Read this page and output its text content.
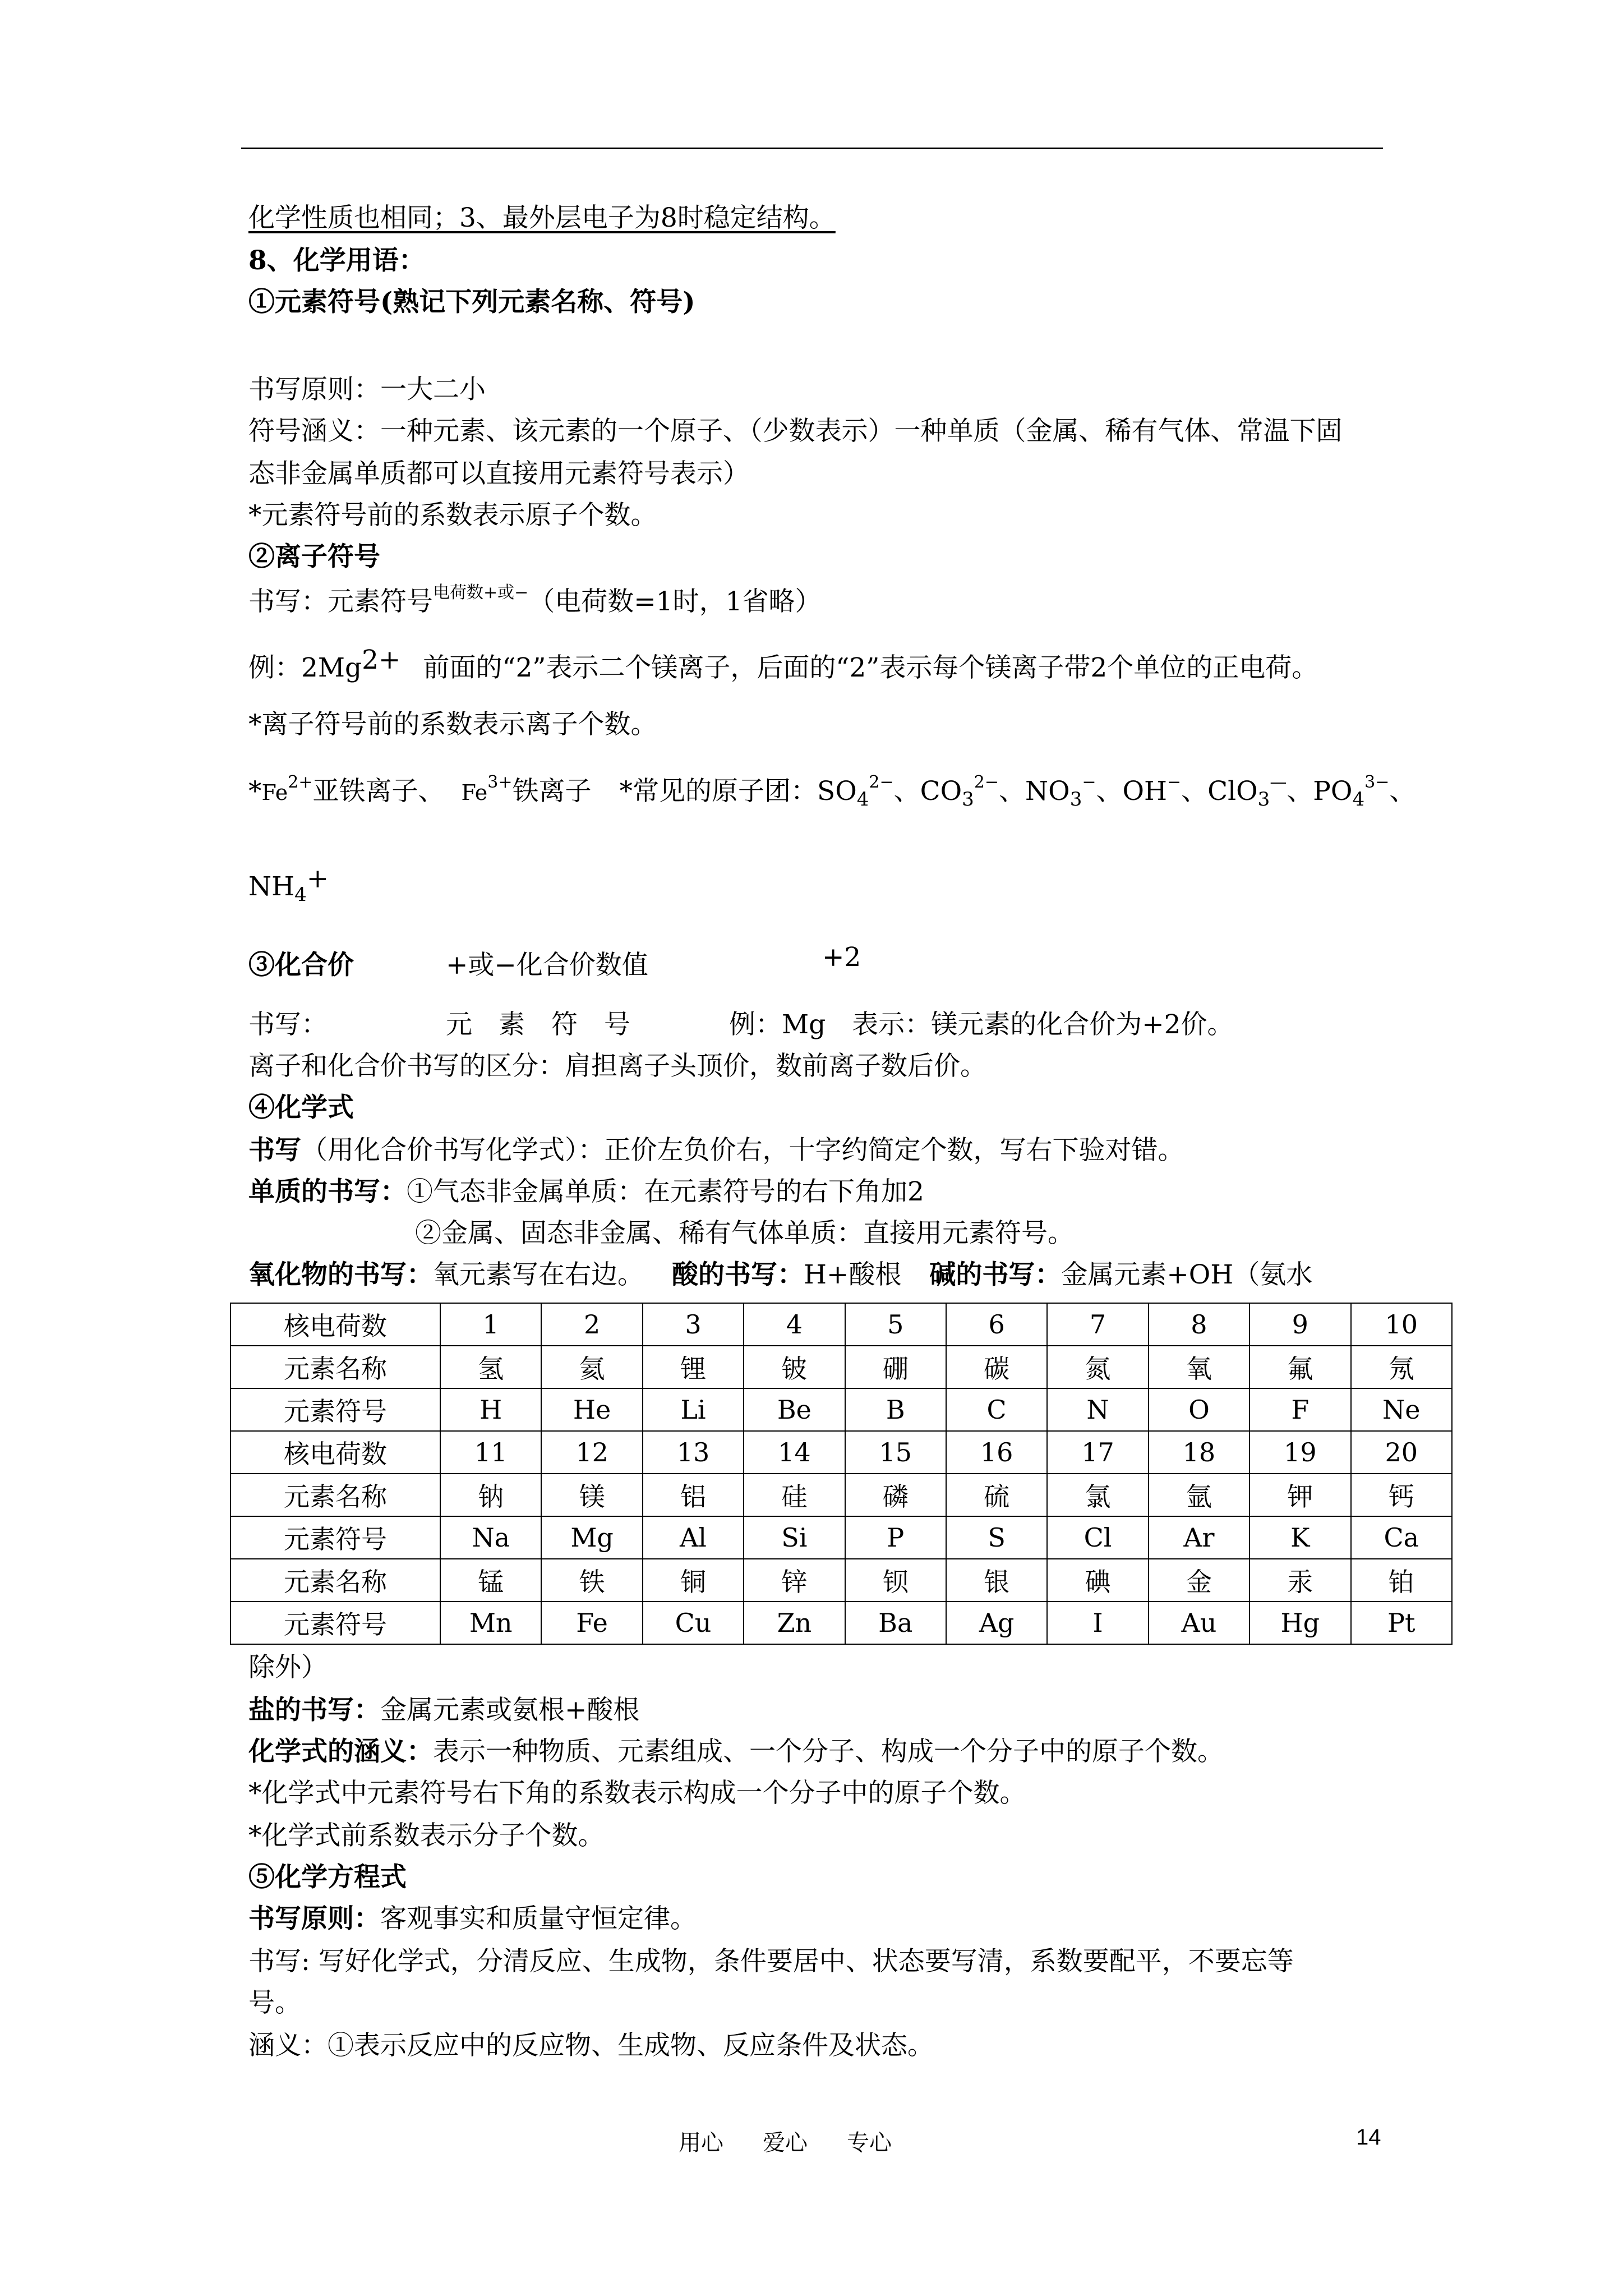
化学性质也相同；3、最外层电子为8时稳定结构。
8、化学用语：
①元素符号(熟记下列元素名称、符号)
书写原则：一大二小
符号涵义：一种元素、该元素的一个原子、（少数表示）一种单质（金属、稀有气体、常温下固
态非金属单质都可以直接用元素符号表示）
*元素符号前的系数表示原子个数。
②离子符号
书写：元素符号$^{电荷数+或-}$（电荷数=1时，1省略）
例：2Mg2+ 前面的“2”表示二个镁离子，后面的“2”表示每个镁离子带2个单位的正电荷。
*离子符号前的系数表示离子个数。
$*Fe^{2+}$亚铁离子、 $Fe^{3+}$铁离子 *常见的原子团：$SO_4^{2-}$、$CO_3^{2-}$、$NO_3^-$、OH−、ClO$_3$—、$PO_4^{3-}$、
$NH_4+$
③化合价	+或−化合价数值	+2
书写：	元　素　符　号	例：Mg　表示：镁元素的化合价为+2价。
离子和化合价书写的区分：肩担离子头顶价，数前离子数后价。
④化学式
书写（用化合价书写化学式）：正价左负价右，十字约简定个数，写右下验对错。
单质的书写：①气态非金属单质：在元素符号的右下角加2
②金属、固态非金属、稀有气体单质：直接用元素符号。
氧化物的书写：氧元素写在右边。 酸的书写：H+酸根 碱的书写：金属元素+OH（氨水
核电荷数	1	2	3	4	5	6	7	8	9	10
元素名称	氢	氦	锂	铍	硼	碳	氮	氧	氟	氖
元素符号	H	He	Li	Be	B	C	N	O	F	Ne
核电荷数	11	12	13	14	15	16	17	18	19	20
元素名称	钠	镁	铝	硅	磷	硫	氯	氩	钾	钙
元素符号	Na	Mg	Al	Si	P	S	Cl	Ar	K	Ca
元素名称	锰	铁	铜	锌	钡	银	碘	金	汞	铂
元素符号	Mn	Fe	Cu	Zn	Ba	Ag	I	Au	Hg	Pt
除外）
盐的书写：金属元素或氨根+酸根
化学式的涵义：表示一种物质、元素组成、一个分子、构成一个分子中的原子个数。
*化学式中元素符号右下角的系数表示构成一个分子中的原子个数。
*化学式前系数表示分子个数。
⑤化学方程式
书写原则：客观事实和质量守恒定律。
书写: 写好化学式，分清反应、生成物，条件要居中、状态要写清，系数要配平，不要忘等
号。
涵义：①表示反应中的反应物、生成物、反应条件及状态。
用心 爱心 专心	14
